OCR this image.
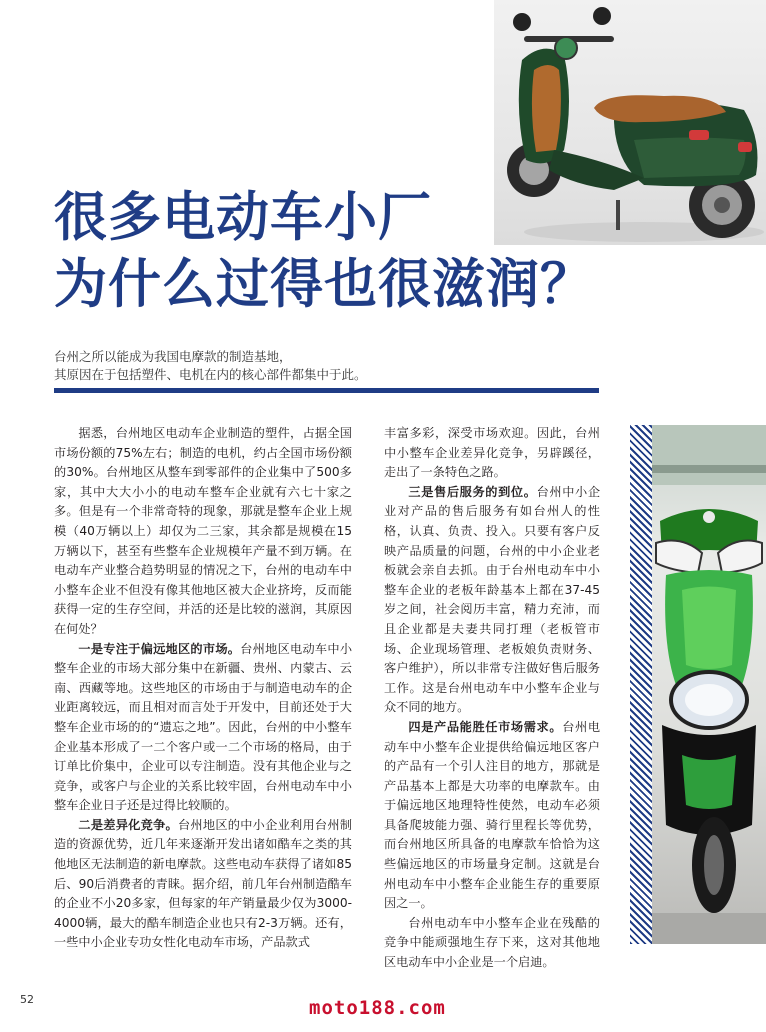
很多电动车小厂
为什么过得也很滋润？
台州之所以能成为我国电摩款的制造基地，
其原因在于包括塑件、电机在内的核心部件都集中于此。

据悉，台州地区电动车企业制造的塑件，占据全国市场份额的75%左右；制造的电机，约占全国市场份额的30%。台州地区从整车到零部件的企业集中了500多家，其中大大小小的电动车整车企业就有六七十家之多。但是有一个非常奇特的现象，那就是整车企业上规模（40万辆以上）却仅为二三家，其余都是规模在15万辆以下，甚至有些整车企业规模年产量不到万辆。在电动车产业整合趋势明显的情况之下，台州的电动车中小整车企业不但没有像其他地区被大企业挤垮，反而能获得一定的生存空间，并活的还是比较的滋润，其原因在何处？

一是专注于偏远地区的市场。台州地区电动车中小整车企业的市场大部分集中在新疆、贵州、内蒙古、云南、西藏等地。这些地区的市场由于与制造电动车的企业距离较远，而且相对而言处于开发中，目前还处于大整车企业市场的的“遗忘之地”。因此，台州的中小整车企业基本形成了一二个客户或一二个市场的格局，由于订单比价集中，企业可以专注制造。没有其他企业与之竞争，或客户与企业的关系比较牢固，台州电动车中小整车企业日子还是过得比较顺的。

二是差异化竞争。台州地区的中小企业利用台州制造的资源优势，近几年来逐渐开发出诸如酷车之类的其他地区无法制造的新电摩款。这些电动车获得了诸如85后、90后消费者的青睐。据介绍，前几年台州制造酷车的企业不小20多家，但每家的年产销量最少仅为3000-4000辆，最大的酷车制造企业也只有2-3万辆。还有，一些中小企业专功女性化电动车市场，产品款式

丰富多彩，深受市场欢迎。因此，台州中小整车企业差异化竞争，另辟蹊径，走出了一条特色之路。

三是售后服务的到位。台州中小企业对产品的售后服务有如台州人的性格，认真、负责、投入。只要有客户反映产品质量的问题，台州的中小企业老板就会亲自去抓。由于台州电动车中小整车企业的老板年龄基本上都在37-45岁之间，社会阅历丰富，精力充沛，而且企业都是夫妻共同打理（老板管市场、企业现场管理、老板娘负责财务、客户维护），所以非常专注做好售后服务工作。这是台州电动车中小整车企业与众不同的地方。

四是产品能胜任市场需求。台州电动车中小整车企业提供给偏远地区客户的产品有一个引人注目的地方，那就是产品基本上都是大功率的电摩款车。由于偏远地区地理特性使然，电动车必须具备爬坡能力强、骑行里程长等优势，而台州地区所具备的电摩款车恰恰为这些偏远地区的市场量身定制。这就是台州电动车中小整车企业能生存的重要原因之一。

台州电动车中小整车企业在残酷的竞争中能顽强地生存下来，这对其他地区电动车中小企业是一个启迪。

52	moto188.com
